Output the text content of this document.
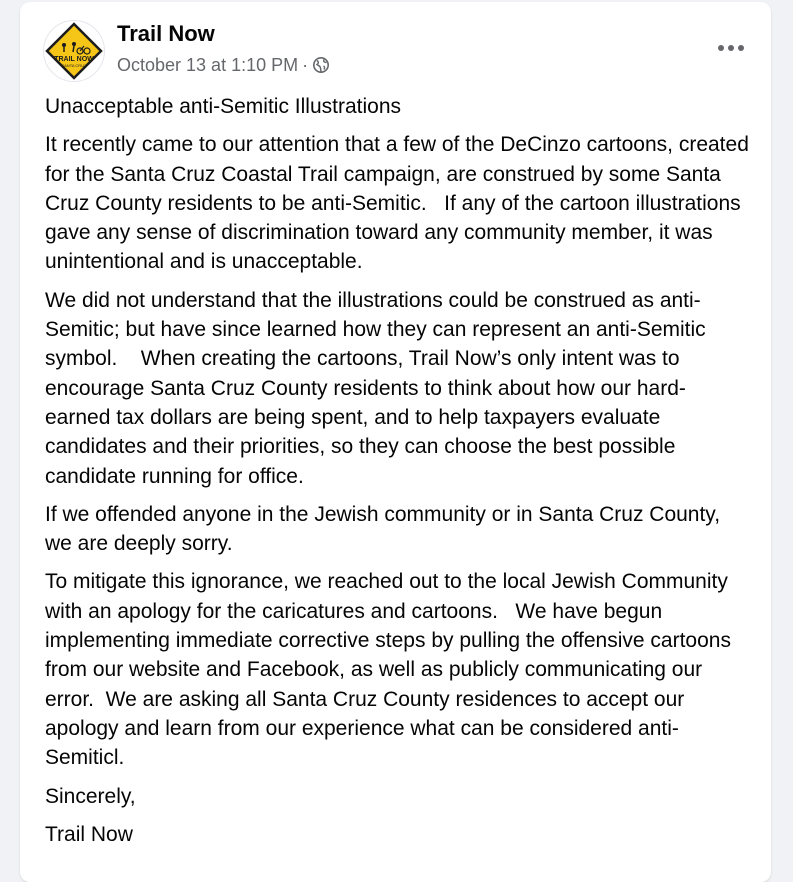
TRAIL NOW
SANTA CRUZ
Trail Now
October 13 at 1:10 PM ·

Unacceptable anti-Semitic Illustrations

It recently came to our attention that a few of the DeCinzo cartoons, created for the Santa Cruz Coastal Trail campaign, are construed by some Santa Cruz County residents to be anti-Semitic.   If any of the cartoon illustrations gave any sense of discrimination toward any community member, it was unintentional and is unacceptable.

We did not understand that the illustrations could be construed as anti-Semitic; but have since learned how they can represent an anti-Semitic symbol.    When creating the cartoons, Trail Now’s only intent was to encourage Santa Cruz County residents to think about how our hard-earned tax dollars are being spent, and to help taxpayers evaluate candidates and their priorities, so they can choose the best possible candidate running for office.

If we offended anyone in the Jewish community or in Santa Cruz County, we are deeply sorry.

To mitigate this ignorance, we reached out to the local Jewish Community with an apology for the caricatures and cartoons.   We have begun implementing immediate corrective steps by pulling the offensive cartoons from our website and Facebook, as well as publicly communicating our error.  We are asking all Santa Cruz County residences to accept our apology and learn from our experience what can be considered anti-Semiticl.

Sincerely,

Trail Now
